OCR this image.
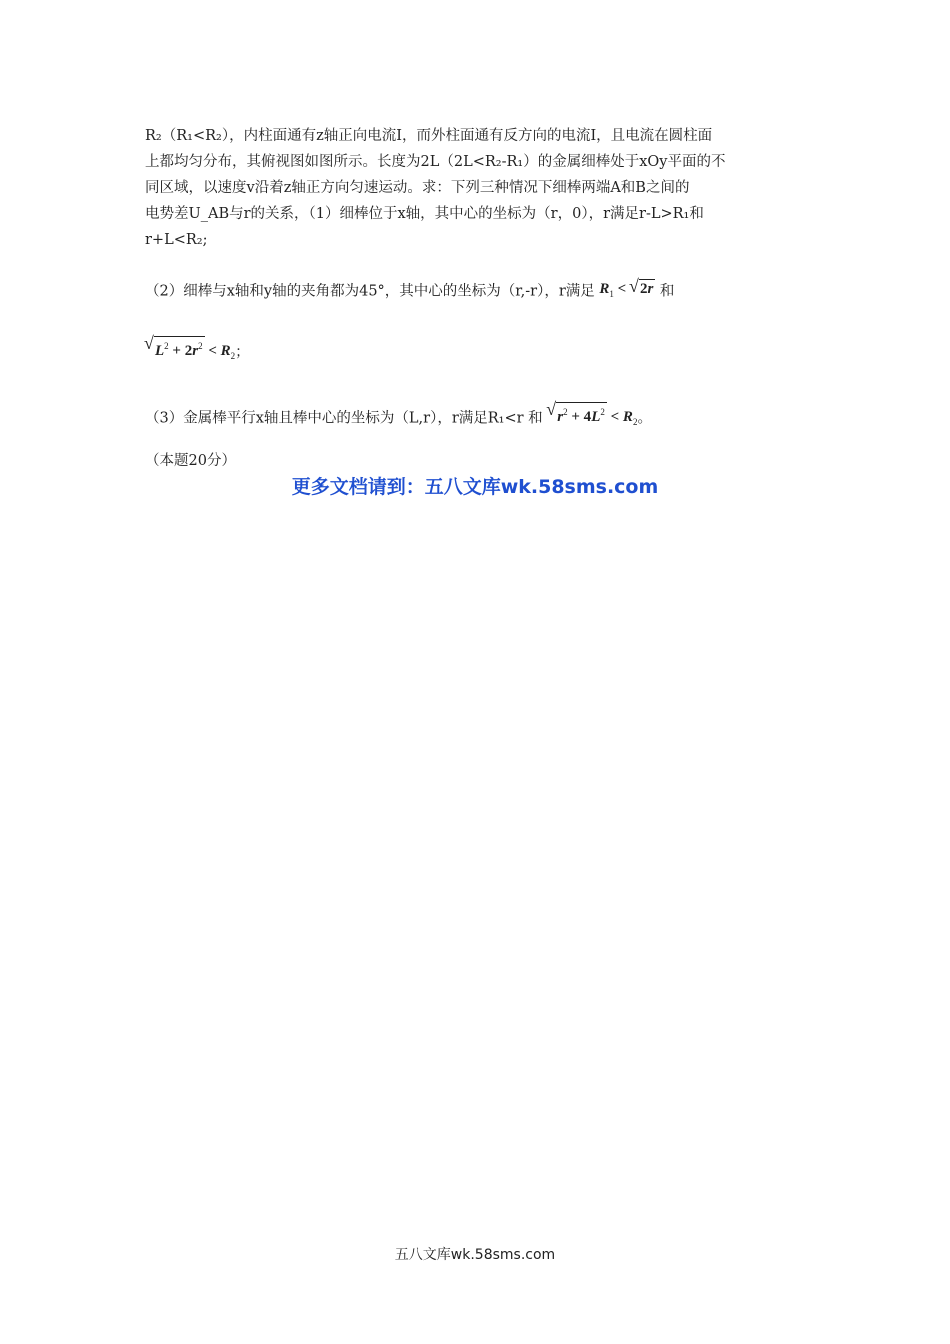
R₂（R₁<R₂），内柱面通有z轴正向电流I，而外柱面通有反方向的电流I，且电流在圆柱面
上都均匀分布，其俯视图如图所示。长度为2L（2L<R₂-R₁）的金属细棒处于xOy平面的不
同区域，以速度v沿着z轴正方向匀速运动。求：下列三种情况下细棒两端A和B之间的
电势差U_AB与r的关系，（1）细棒位于x轴，其中心的坐标为（r，0），r满足r-L>R₁和
r+L<R₂;
（2）细棒与x轴和y轴的夹角都为45°，其中心的坐标为（r,-r），r满足 $R_1$ < √ 2r 和
√ $L^2 + 2r^2 < R_2$；
（3）金属棒平行x轴且棒中心的坐标为（L,r），r满足R₁<r 和 √ $r^2 + 4L^2 < R_2$。
（本题20分）
更多文档请到：五八文库wk.58sms.com
五八文库wk.58sms.com
